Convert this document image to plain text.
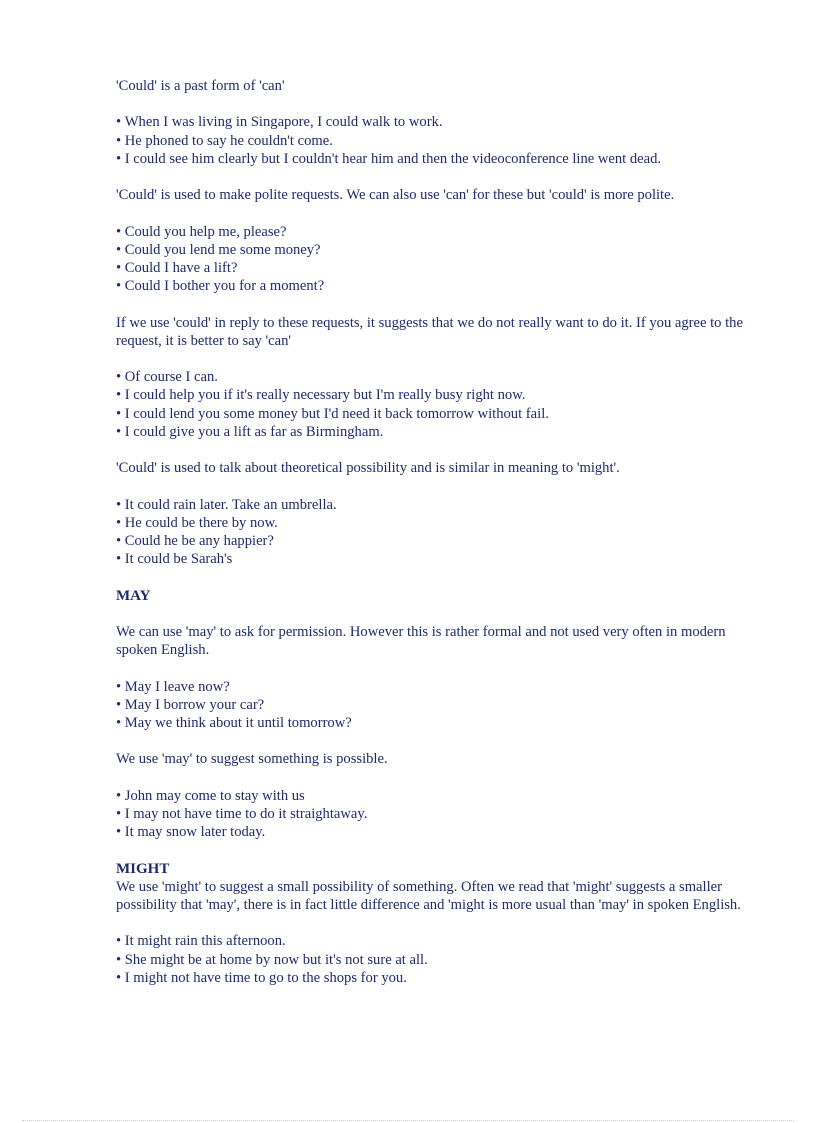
'Could' is a past form of 'can'

• When I was living in Singapore, I could walk to work.
• He phoned to say he couldn't come.
• I could see him clearly but I couldn't hear him and then the videoconference line went dead.

'Could' is used to make polite requests. We can also use 'can' for these but 'could' is more polite.

• Could you help me, please?
• Could you lend me some money?
• Could I have a lift?
• Could I bother you for a moment?

If we use 'could' in reply to these requests, it suggests that we do not really want to do it. If you agree to the request, it is better to say 'can'

• Of course I can.
• I could help you if it's really necessary but I'm really busy right now.
• I could lend you some money but I'd need it back tomorrow without fail.
• I could give you a lift as far as Birmingham.

'Could' is used to talk about theoretical possibility and is similar in meaning to 'might'.

• It could rain later. Take an umbrella.
• He could be there by now.
• Could he be any happier?
• It could be Sarah's
MAY

We can use 'may' to ask for permission. However this is rather formal and not used very often in modern spoken English.

• May I leave now?
• May I borrow your car?
• May we think about it until tomorrow?

We use 'may' to suggest something is possible.

• John may come to stay with us
• I may not have time to do it straightaway.
• It may snow later today.
MIGHT

We use 'might' to suggest a small possibility of something. Often we read that 'might' suggests a smaller possibility that 'may', there is in fact little difference and 'might is more usual than 'may' in spoken English.

• It might rain this afternoon.
• She might be at home by now but it's not sure at all.
• I might not have time to go to the shops for you.
